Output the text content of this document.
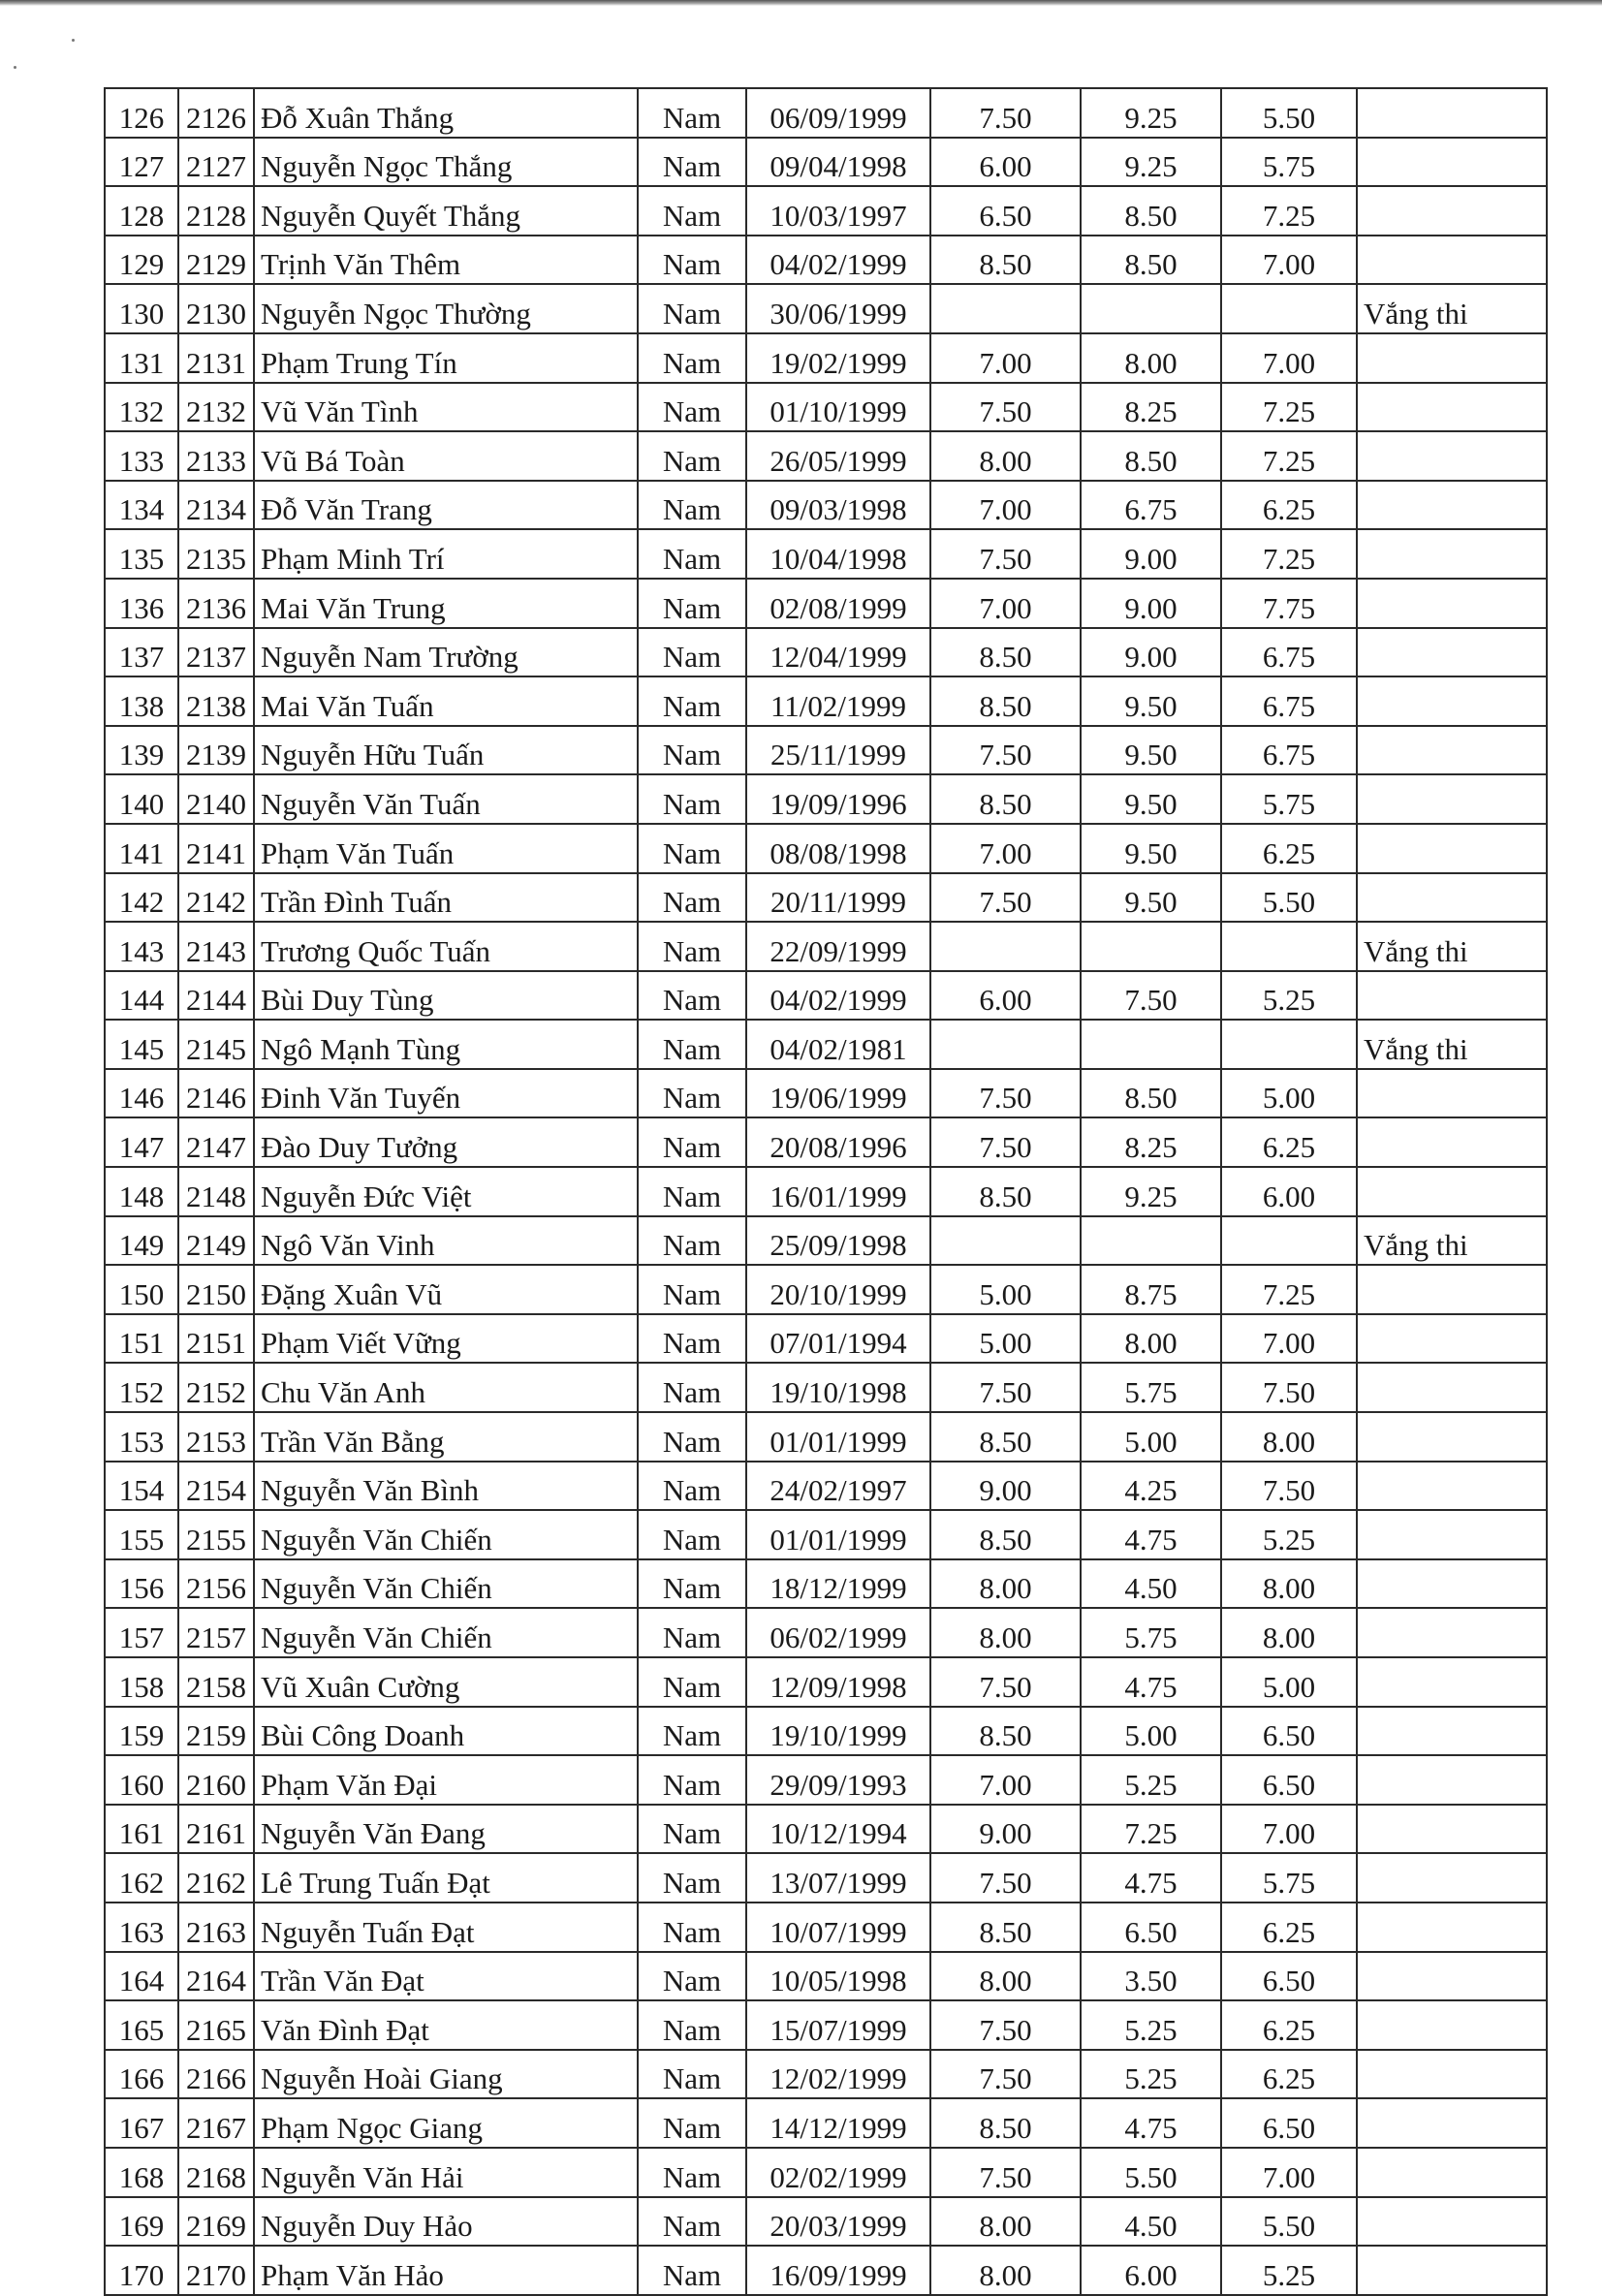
126	2126	Đỗ Xuân Thắng	Nam	06/09/1999	7.50	9.25	5.50	
127	2127	Nguyễn Ngọc Thắng	Nam	09/04/1998	6.00	9.25	5.75	
128	2128	Nguyễn Quyết Thắng	Nam	10/03/1997	6.50	8.50	7.25	
129	2129	Trịnh Văn Thêm	Nam	04/02/1999	8.50	8.50	7.00	
130	2130	Nguyễn Ngọc Thường	Nam	30/06/1999				Vắng thi
131	2131	Phạm Trung Tín	Nam	19/02/1999	7.00	8.00	7.00	
132	2132	Vũ Văn Tình	Nam	01/10/1999	7.50	8.25	7.25	
133	2133	Vũ Bá Toàn	Nam	26/05/1999	8.00	8.50	7.25	
134	2134	Đỗ Văn Trang	Nam	09/03/1998	7.00	6.75	6.25	
135	2135	Phạm Minh Trí	Nam	10/04/1998	7.50	9.00	7.25	
136	2136	Mai Văn Trung	Nam	02/08/1999	7.00	9.00	7.75	
137	2137	Nguyễn Nam Trường	Nam	12/04/1999	8.50	9.00	6.75	
138	2138	Mai Văn Tuấn	Nam	11/02/1999	8.50	9.50	6.75	
139	2139	Nguyễn Hữu Tuấn	Nam	25/11/1999	7.50	9.50	6.75	
140	2140	Nguyễn Văn Tuấn	Nam	19/09/1996	8.50	9.50	5.75	
141	2141	Phạm Văn Tuấn	Nam	08/08/1998	7.00	9.50	6.25	
142	2142	Trần Đình Tuấn	Nam	20/11/1999	7.50	9.50	5.50	
143	2143	Trương Quốc Tuấn	Nam	22/09/1999				Vắng thi
144	2144	Bùi Duy Tùng	Nam	04/02/1999	6.00	7.50	5.25	
145	2145	Ngô Mạnh Tùng	Nam	04/02/1981				Vắng thi
146	2146	Đinh Văn Tuyến	Nam	19/06/1999	7.50	8.50	5.00	
147	2147	Đào Duy Tưởng	Nam	20/08/1996	7.50	8.25	6.25	
148	2148	Nguyễn Đức Việt	Nam	16/01/1999	8.50	9.25	6.00	
149	2149	Ngô Văn Vinh	Nam	25/09/1998				Vắng thi
150	2150	Đặng Xuân Vũ	Nam	20/10/1999	5.00	8.75	7.25	
151	2151	Phạm Viết Vững	Nam	07/01/1994	5.00	8.00	7.00	
152	2152	Chu Văn Anh	Nam	19/10/1998	7.50	5.75	7.50	
153	2153	Trần Văn Bằng	Nam	01/01/1999	8.50	5.00	8.00	
154	2154	Nguyễn Văn Bình	Nam	24/02/1997	9.00	4.25	7.50	
155	2155	Nguyễn Văn Chiến	Nam	01/01/1999	8.50	4.75	5.25	
156	2156	Nguyễn Văn Chiến	Nam	18/12/1999	8.00	4.50	8.00	
157	2157	Nguyễn Văn Chiến	Nam	06/02/1999	8.00	5.75	8.00	
158	2158	Vũ Xuân Cường	Nam	12/09/1998	7.50	4.75	5.00	
159	2159	Bùi Công Doanh	Nam	19/10/1999	8.50	5.00	6.50	
160	2160	Phạm Văn Đại	Nam	29/09/1993	7.00	5.25	6.50	
161	2161	Nguyễn Văn Đang	Nam	10/12/1994	9.00	7.25	7.00	
162	2162	Lê Trung Tuấn Đạt	Nam	13/07/1999	7.50	4.75	5.75	
163	2163	Nguyễn Tuấn Đạt	Nam	10/07/1999	8.50	6.50	6.25	
164	2164	Trần Văn Đạt	Nam	10/05/1998	8.00	3.50	6.50	
165	2165	Văn Đình Đạt	Nam	15/07/1999	7.50	5.25	6.25	
166	2166	Nguyễn Hoài Giang	Nam	12/02/1999	7.50	5.25	6.25	
167	2167	Phạm Ngọc Giang	Nam	14/12/1999	8.50	4.75	6.50	
168	2168	Nguyễn Văn Hải	Nam	02/02/1999	7.50	5.50	7.00	
169	2169	Nguyễn Duy Hảo	Nam	20/03/1999	8.00	4.50	5.50	
170	2170	Phạm Văn Hảo	Nam	16/09/1999	8.00	6.00	5.25	
